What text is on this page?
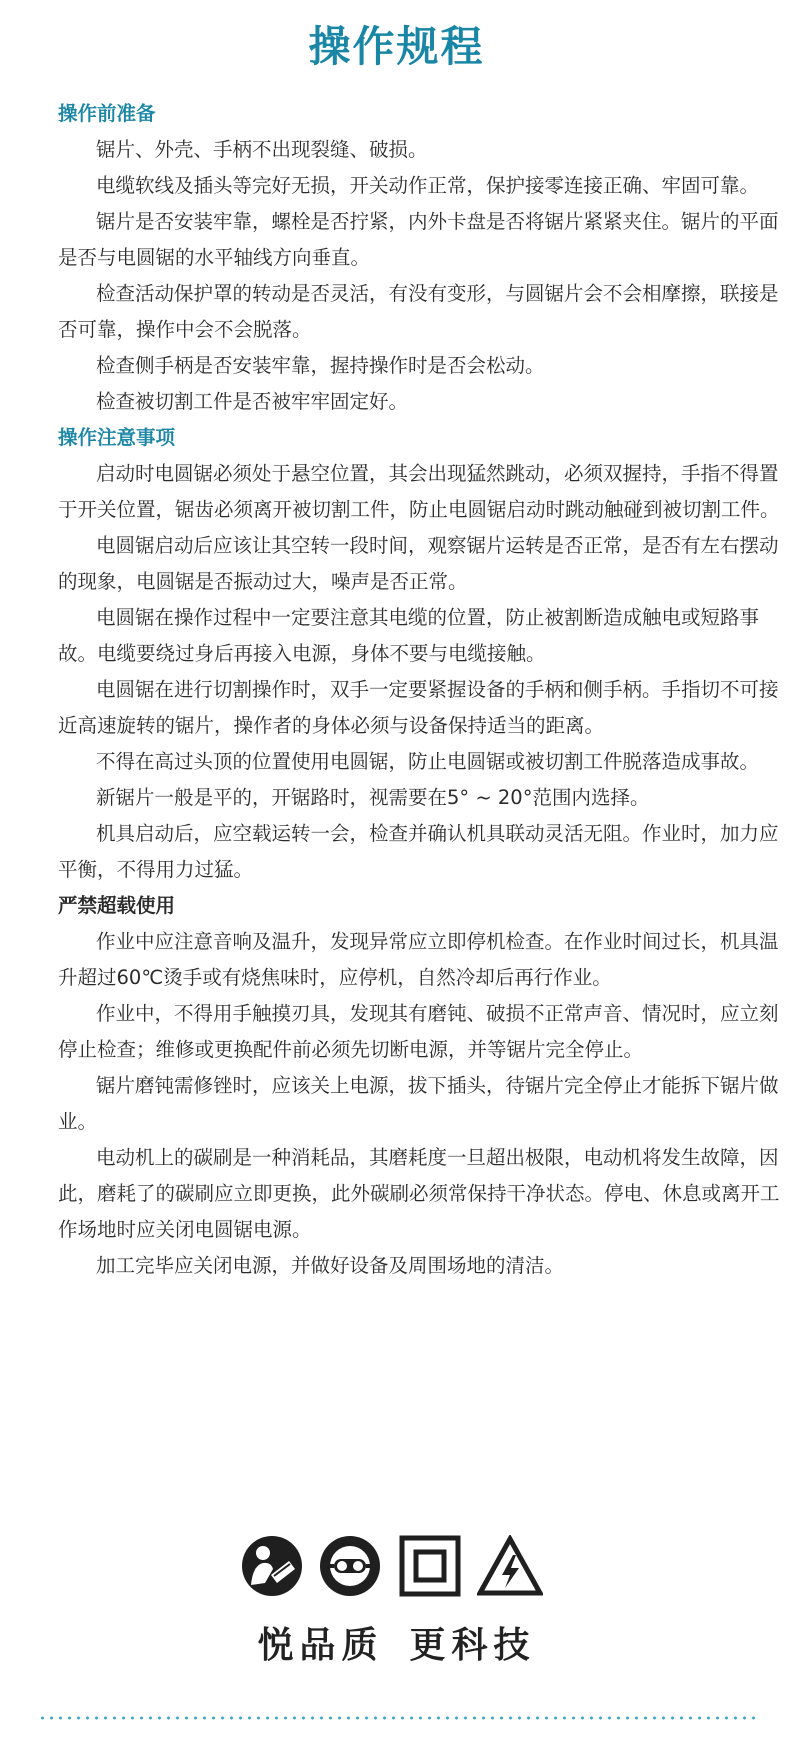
操作规程
操作前准备

锯片、外壳、手柄不出现裂缝、破损。

电缆软线及插头等完好无损，开关动作正常，保护接零连接正确、牢固可靠。

锯片是否安装牢靠，螺栓是否拧紧，内外卡盘是否将锯片紧紧夹住。锯片的平面是否与电圆锯的水平轴线方向垂直。

检查活动保护罩的转动是否灵活，有没有变形，与圆锯片会不会相摩擦，联接是否可靠，操作中会不会脱落。

检查侧手柄是否安装牢靠，握持操作时是否会松动。

检查被切割工件是否被牢牢固定好。

操作注意事项

启动时电圆锯必须处于悬空位置，其会出现猛然跳动，必须双握持，手指不得置于开关位置，锯齿必须离开被切割工件，防止电圆锯启动时跳动触碰到被切割工件。

电圆锯启动后应该让其空转一段时间，观察锯片运转是否正常，是否有左右摆动的现象，电圆锯是否振动过大，噪声是否正常。

电圆锯在操作过程中一定要注意其电缆的位置，防止被割断造成触电或短路事故。电缆要绕过身后再接入电源，身体不要与电缆接触。

电圆锯在进行切割操作时，双手一定要紧握设备的手柄和侧手柄。手指切不可接近高速旋转的锯片，操作者的身体必须与设备保持适当的距离。

不得在高过头顶的位置使用电圆锯，防止电圆锯或被切割工件脱落造成事故。

新锯片一般是平的，开锯路时，视需要在5° ~ 20°范围内选择。

机具启动后，应空载运转一会，检查并确认机具联动灵活无阻。作业时，加力应平衡，不得用力过猛。

严禁超载使用

作业中应注意音响及温升，发现异常应立即停机检查。在作业时间过长，机具温升超过60℃烫手或有烧焦味时，应停机，自然冷却后再行作业。

作业中，不得用手触摸刃具，发现其有磨钝、破损不正常声音、情况时，应立刻停止检查；维修或更换配件前必须先切断电源，并等锯片完全停止。

锯片磨钝需修锉时，应该关上电源，拔下插头，待锯片完全停止才能拆下锯片做业。

电动机上的碳刷是一种消耗品，其磨耗度一旦超出极限，电动机将发生故障，因此，磨耗了的碳刷应立即更换，此外碳刷必须常保持干净状态。停电、休息或离开工作场地时应关闭电圆锯电源。

加工完毕应关闭电源，并做好设备及周围场地的清洁。

悦品质 更科技
